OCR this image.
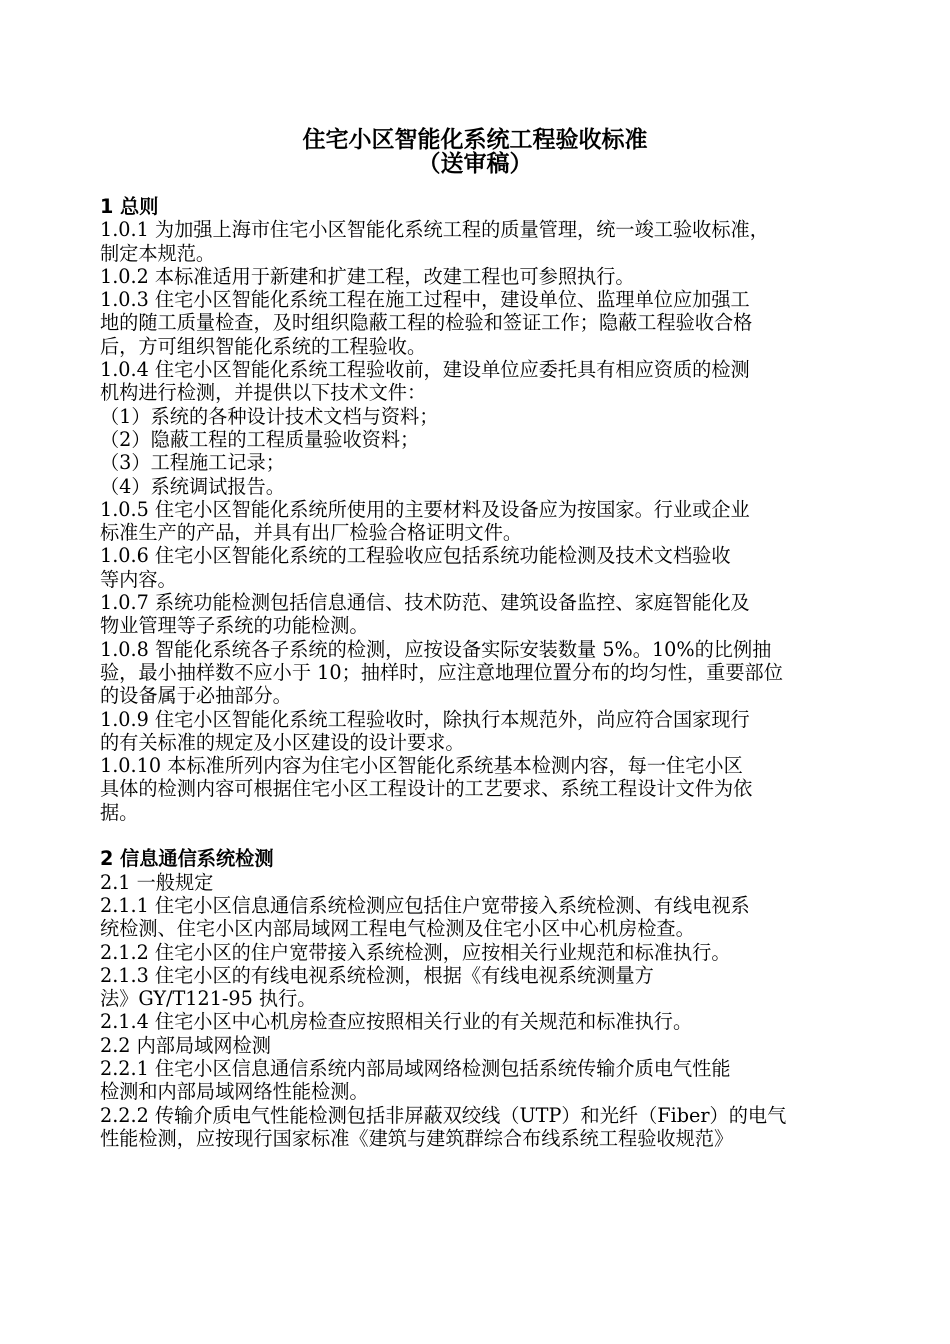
住宅小区智能化系统工程验收标准
（送审稿）
1 总则
1.0.1 为加强上海市住宅小区智能化系统工程的质量管理，统一竣工验收标准，
制定本规范。
1.0.2 本标准适用于新建和扩建工程，改建工程也可参照执行。
1.0.3 住宅小区智能化系统工程在施工过程中，建设单位、监理单位应加强工
地的随工质量检查，及时组织隐蔽工程的检验和签证工作；隐蔽工程验收合格
后，方可组织智能化系统的工程验收。
1.0.4 住宅小区智能化系统工程验收前，建设单位应委托具有相应资质的检测
机构进行检测，并提供以下技术文件：
（1）系统的各种设计技术文档与资料；
（2）隐蔽工程的工程质量验收资料；
（3）工程施工记录；
（4）系统调试报告。
1.0.5 住宅小区智能化系统所使用的主要材料及设备应为按国家。行业或企业
标准生产的产品，并具有出厂检验合格证明文件。
1.0.6 住宅小区智能化系统的工程验收应包括系统功能检测及技术文档验收
等内容。
1.0.7 系统功能检测包括信息通信、技术防范、建筑设备监控、家庭智能化及
物业管理等子系统的功能检测。
1.0.8 智能化系统各子系统的检测，应按设备实际安装数量 5%。10%的比例抽
验，最小抽样数不应小于 10；抽样时，应注意地理位置分布的均匀性，重要部位
的设备属于必抽部分。
1.0.9 住宅小区智能化系统工程验收时，除执行本规范外，尚应符合国家现行
的有关标准的规定及小区建设的设计要求。
1.0.10 本标准所列内容为住宅小区智能化系统基本检测内容，每一住宅小区
具体的检测内容可根据住宅小区工程设计的工艺要求、系统工程设计文件为依
据。
2 信息通信系统检测
2.1 一般规定
2.1.1 住宅小区信息通信系统检测应包括住户宽带接入系统检测、有线电视系
统检测、住宅小区内部局域网工程电气检测及住宅小区中心机房检查。
2.1.2 住宅小区的住户宽带接入系统检测，应按相关行业规范和标准执行。
2.1.3 住宅小区的有线电视系统检测，根据《有线电视系统测量方
法》GY/T121-95 执行。
2.1.4 住宅小区中心机房检查应按照相关行业的有关规范和标准执行。
2.2 内部局域网检测
2.2.1 住宅小区信息通信系统内部局域网络检测包括系统传输介质电气性能
检测和内部局域网络性能检测。
2.2.2 传输介质电气性能检测包括非屏蔽双绞线（UTP）和光纤（Fiber）的电气
性能检测，应按现行国家标准《建筑与建筑群综合布线系统工程验收规范》
